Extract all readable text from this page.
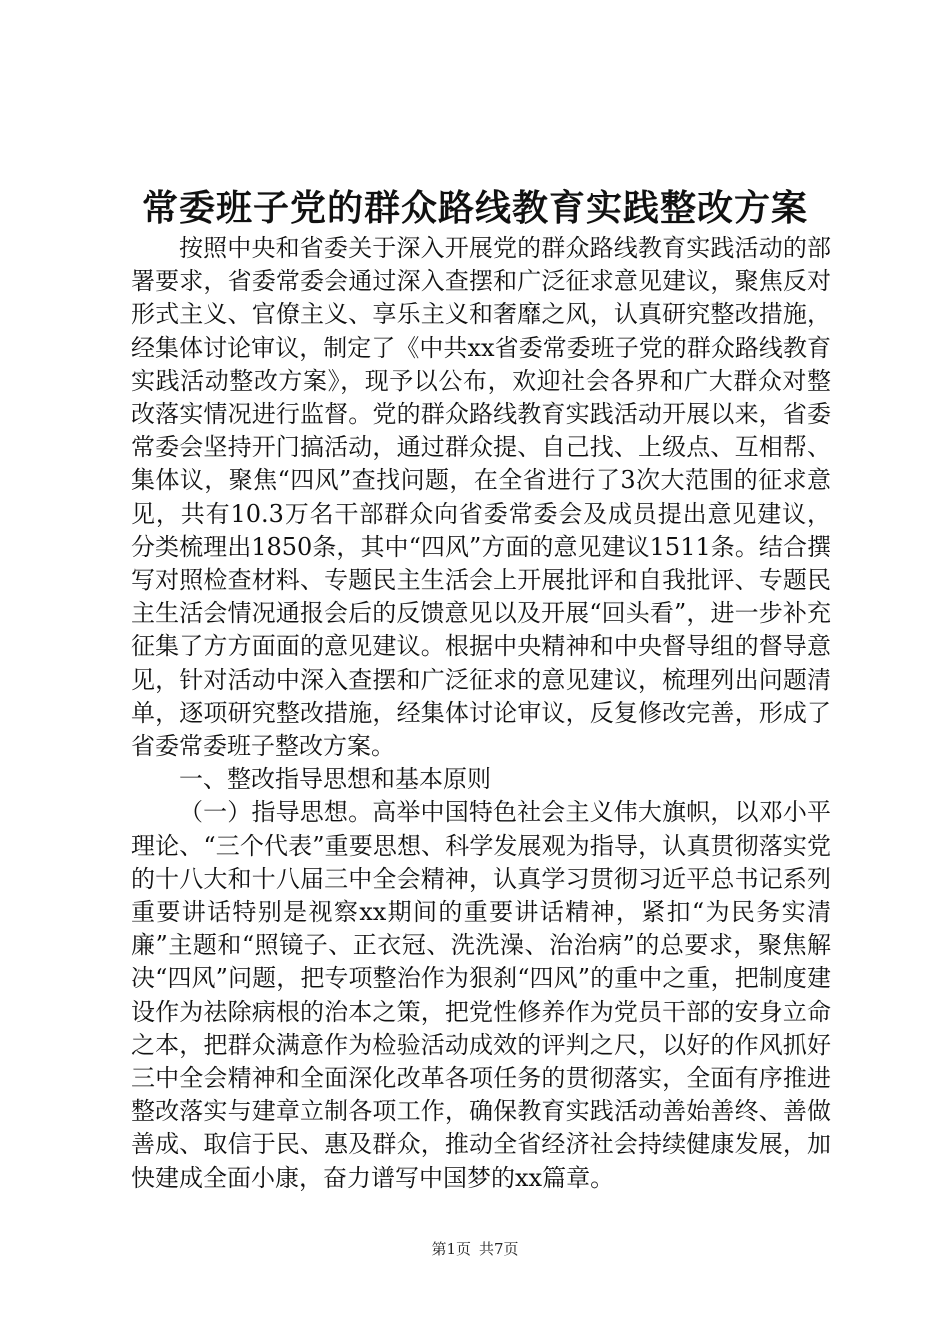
常委班子党的群众路线教育实践整改方案

按照中央和省委关于深入开展党的群众路线教育实践活动的部署要求，省委常委会通过深入查摆和广泛征求意见建议，聚焦反对形式主义、官僚主义、享乐主义和奢靡之风，认真研究整改措施，经集体讨论审议，制定了《中共xx省委常委班子党的群众路线教育实践活动整改方案》，现予以公布，欢迎社会各界和广大群众对整改落实情况进行监督。党的群众路线教育实践活动开展以来，省委常委会坚持开门搞活动，通过群众提、自己找、上级点、互相帮、集体议，聚焦“四风”查找问题，在全省进行了3次大范围的征求意见，共有10.3万名干部群众向省委常委会及成员提出意见建议，分类梳理出1850条，其中“四风”方面的意见建议1511条。结合撰写对照检查材料、专题民主生活会上开展批评和自我批评、专题民主生活会情况通报会后的反馈意见以及开展“回头看”，进一步补充征集了方方面面的意见建议。根据中央精神和中央督导组的督导意见，针对活动中深入查摆和广泛征求的意见建议，梳理列出问题清单，逐项研究整改措施，经集体讨论审议，反复修改完善，形成了省委常委班子整改方案。

一、整改指导思想和基本原则

（一）指导思想。高举中国特色社会主义伟大旗帜，以邓小平理论、“三个代表”重要思想、科学发展观为指导，认真贯彻落实党的十八大和十八届三中全会精神，认真学习贯彻习近平总书记系列重要讲话特别是视察xx期间的重要讲话精神，紧扣“为民务实清廉”主题和“照镜子、正衣冠、洗洗澡、治治病”的总要求，聚焦解决“四风”问题，把专项整治作为狠刹“四风”的重中之重，把制度建设作为祛除病根的治本之策，把党性修养作为党员干部的安身立命之本，把群众满意作为检验活动成效的评判之尺，以好的作风抓好三中全会精神和全面深化改革各项任务的贯彻落实，全面有序推进整改落实与建章立制各项工作，确保教育实践活动善始善终、善做善成、取信于民、惠及群众，推动全省经济社会持续健康发展，加快建成全面小康，奋力谱写中国梦的xx篇章。

第1页 共7页
